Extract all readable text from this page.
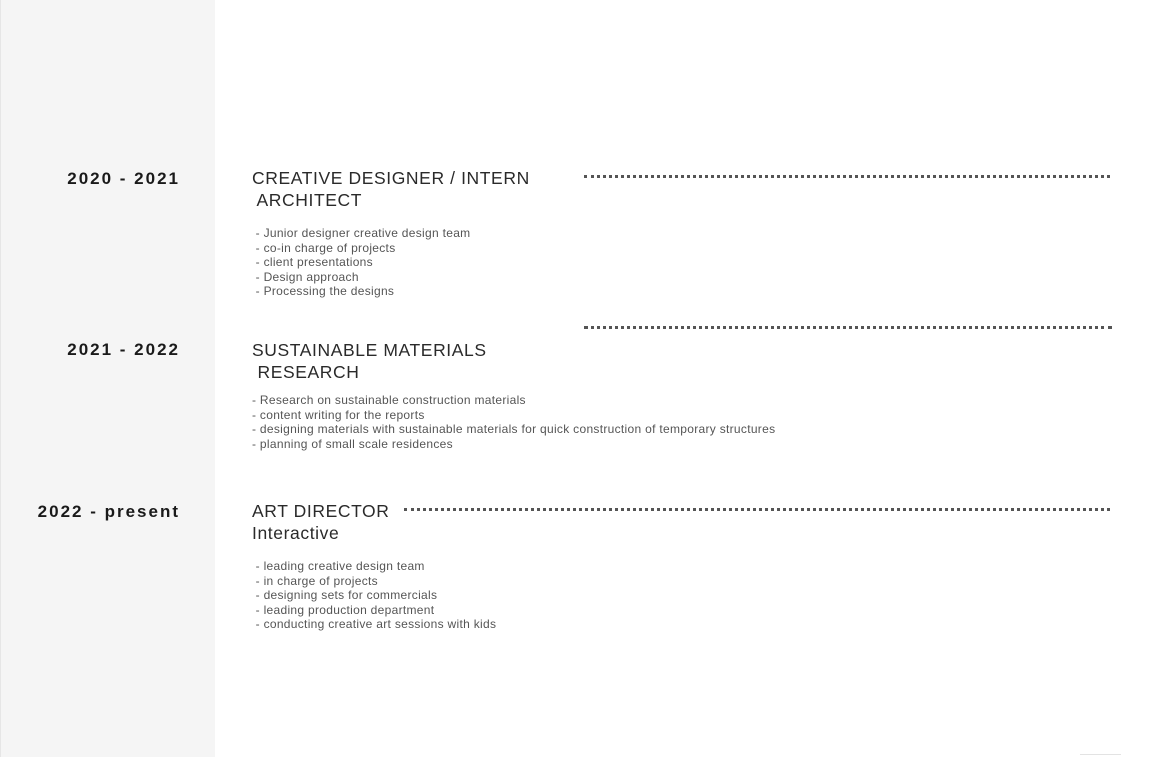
2020 - 2021	CREATIVE DESIGNER / INTERN
ARCHITECT
- Junior designer creative design team
- co-in charge of projects
- client presentations
- Design approach
- Processing the designs
2021 - 2022	SUSTAINABLE MATERIALS
RESEARCH
- Research on sustainable construction materials
- content writing for the reports
- designing materials with sustainable materials for quick construction of temporary structures
- planning of small scale residences
2022 - present	ART DIRECTOR
Interactive
- leading creative design team
- in charge of projects
- designing sets for commercials
- leading production department
- conducting creative art sessions with kids
